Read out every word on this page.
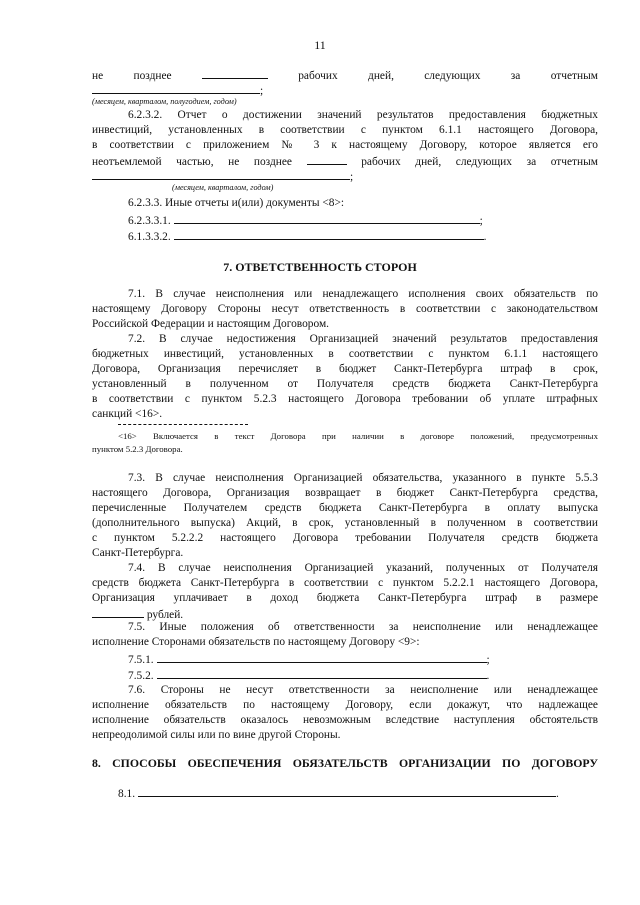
11
не	позднее	рабочих	дней,	следующих	за	отчетным
;
(месяцем, кварталом, полугодием, годом)
6.2.3.2. Отчет о достижении значений результатов предоставления бюджетных
инвестиций, установленных в соответствии с пунктом 6.1.1 настоящего Договора,
в соответствии с приложением № 3 к настоящему Договору, которое является его
неотъемлемой частью, не позднее	рабочих дней, следующих за отчетным
;
(месяцем, кварталом, годом)
6.2.3.3. Иные отчеты и(или) документы <8>:
6.2.3.3.1.	;
6.1.3.3.2.	.
7. ОТВЕТСТВЕННОСТЬ СТОРОН
7.1. В случае неисполнения или ненадлежащего исполнения своих обязательств по
настоящему Договору Стороны несут ответственность в соответствии с законодательством
Российской Федерации и настоящим Договором.
7.2. В случае недостижения Организацией значений результатов предоставления
бюджетных инвестиций, установленных в соответствии с пунктом 6.1.1 настоящего
Договора, Организация перечисляет в бюджет Санкт-Петербурга штраф в срок,
установленный в полученном от Получателя средств бюджета Санкт-Петербурга
в соответствии с пунктом 5.2.3 настоящего Договора требовании об уплате штрафных
санкций <16>.
<16> Включается в текст Договора при наличии в договоре положений, предусмотренных
пунктом 5.2.3 Договора.
7.3. В случае неисполнения Организацией обязательства, указанного в пункте 5.5.3
настоящего Договора, Организация возвращает в бюджет Санкт-Петербурга средства,
перечисленные Получателем средств бюджета Санкт-Петербурга в оплату выпуска
(дополнительного выпуска) Акций, в срок, установленный в полученном в соответствии
с пунктом 5.2.2.2 настоящего Договора требовании Получателя средств бюджета
Санкт-Петербурга.
7.4. В случае неисполнения Организацией указаний, полученных от Получателя
средств бюджета Санкт-Петербурга в соответствии с пунктом 5.2.2.1 настоящего Договора,
Организация уплачивает в доход бюджета Санкт-Петербурга штраф в размере
рублей.
7.5. Иные положения об ответственности за неисполнение или ненадлежащее
исполнение Сторонами обязательств по настоящему Договору <9>:
7.5.1.	;
7.5.2.	.
7.6. Стороны не несут ответственности за неисполнение или ненадлежащее
исполнение обязательств по настоящему Договору, если докажут, что надлежащее
исполнение обязательств оказалось невозможным вследствие наступления обстоятельств
непреодолимой силы или по вине другой Стороны.
8. СПОСОБЫ ОБЕСПЕЧЕНИЯ ОБЯЗАТЕЛЬСТВ ОРГАНИЗАЦИИ ПО ДОГОВОРУ
8.1.	.
